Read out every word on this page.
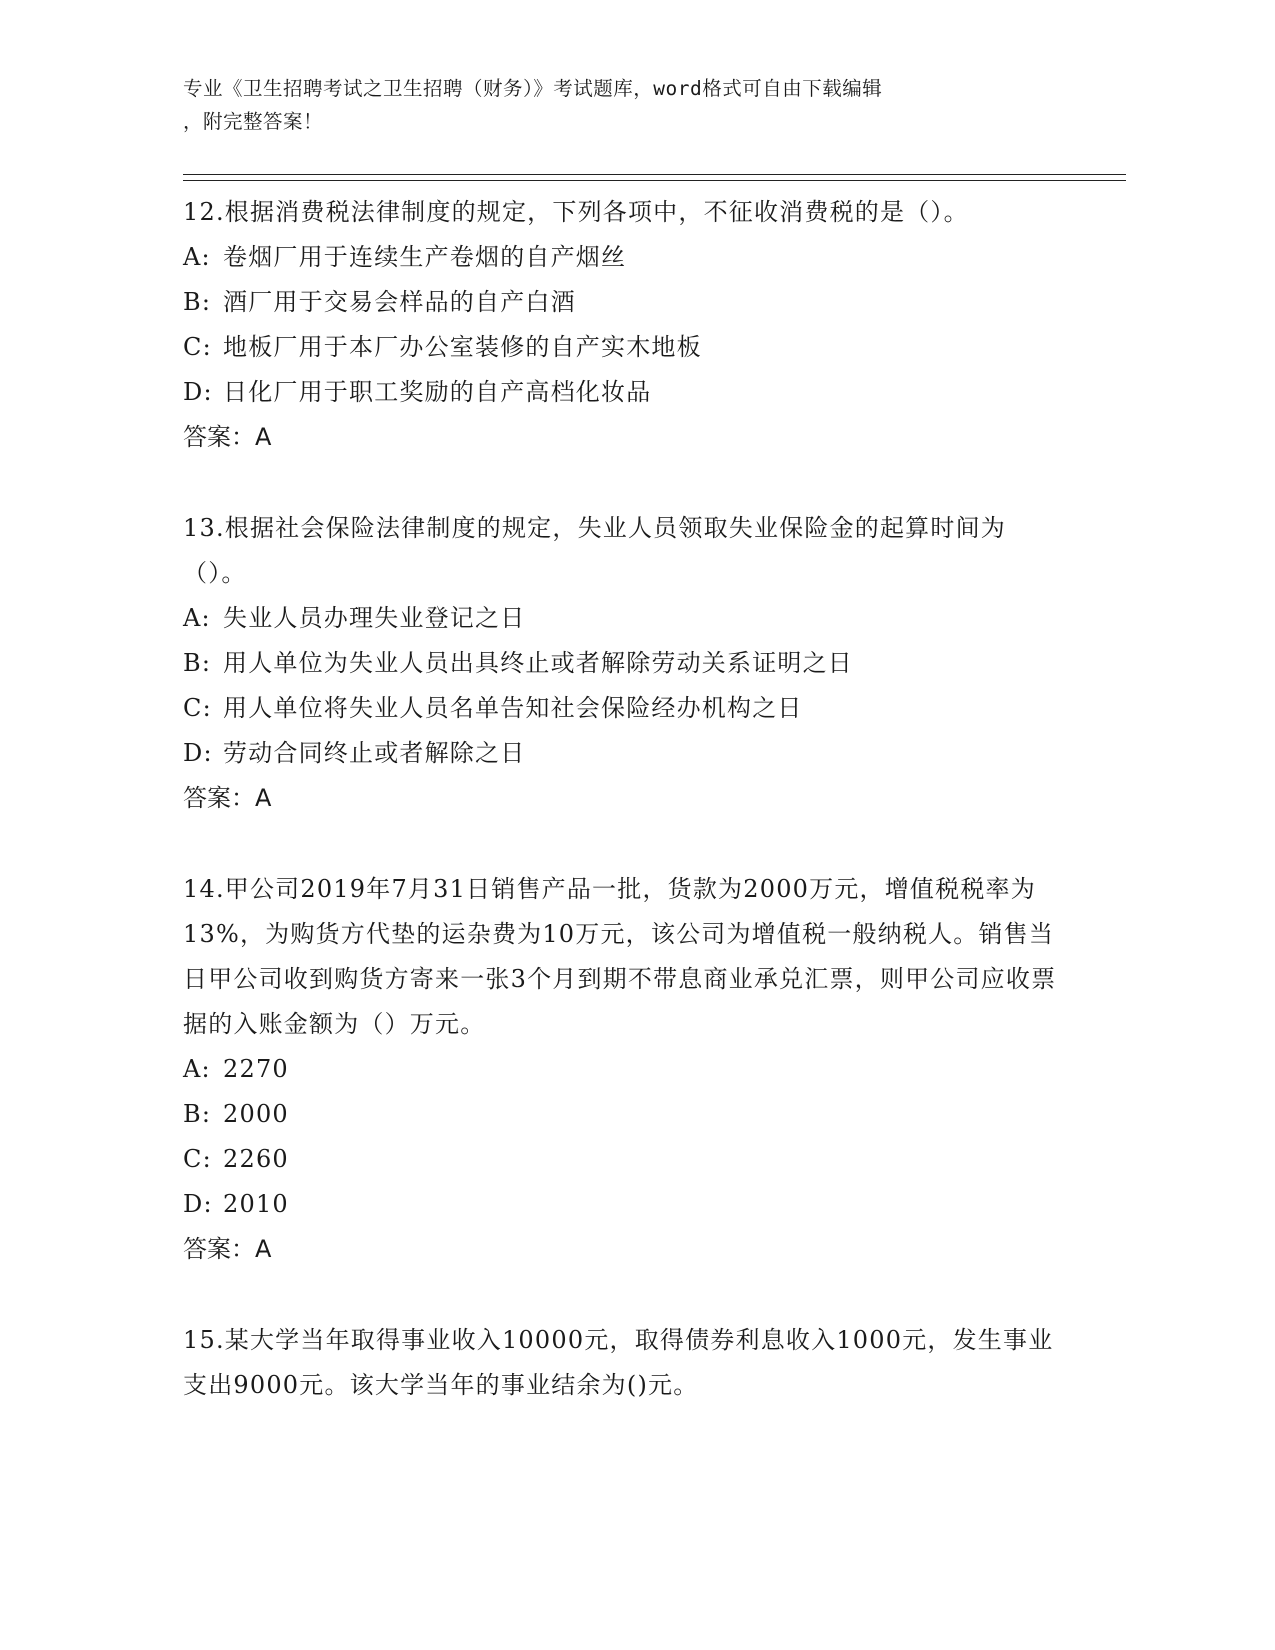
专业《卫生招聘考试之卫生招聘（财务）》考试题库，word格式可自由下载编辑
，附完整答案！

12.根据消费税法律制度的规定，下列各项中，不征收消费税的是（）。

A: 卷烟厂用于连续生产卷烟的自产烟丝

B: 酒厂用于交易会样品的自产白酒

C: 地板厂用于本厂办公室装修的自产实木地板

D: 日化厂用于职工奖励的自产高档化妆品

答案：A

13.根据社会保险法律制度的规定，失业人员领取失业保险金的起算时间为（）。

A: 失业人员办理失业登记之日

B: 用人单位为失业人员出具终止或者解除劳动关系证明之日

C: 用人单位将失业人员名单告知社会保险经办机构之日

D: 劳动合同终止或者解除之日

答案：A

14.甲公司2019年7月31日销售产品一批，货款为2000万元，增值税税率为13%，为购货方代垫的运杂费为10万元，该公司为增值税一般纳税人。销售当日甲公司收到购货方寄来一张3个月到期不带息商业承兑汇票，则甲公司应收票据的入账金额为（）万元。

A: 2270

B: 2000

C: 2260

D: 2010

答案：A

15.某大学当年取得事业收入10000元，取得债券利息收入1000元，发生事业支出9000元。该大学当年的事业结余为()元。
